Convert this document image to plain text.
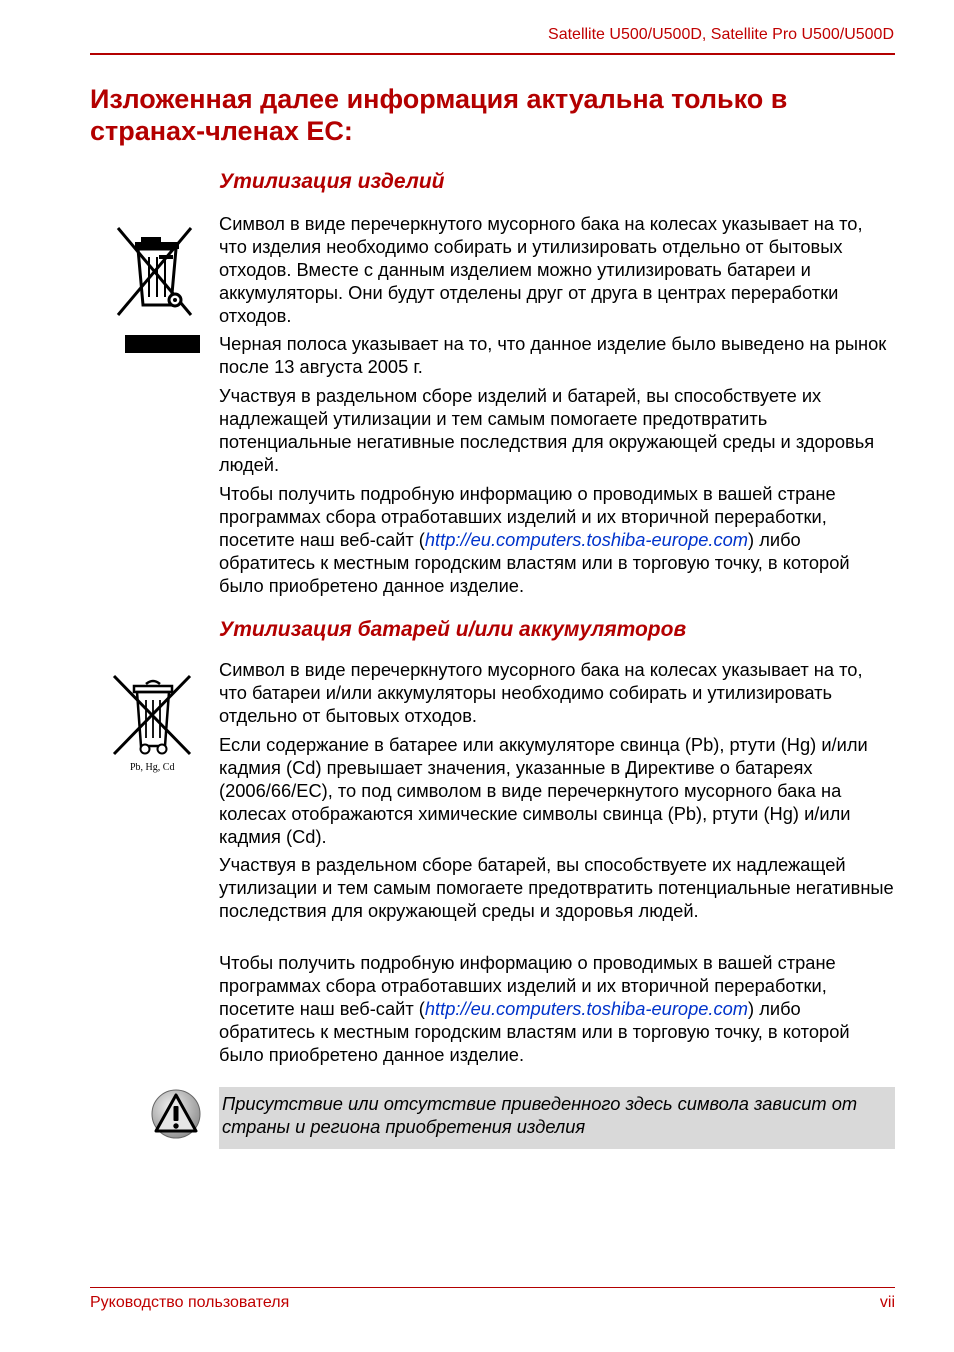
Satellite U500/U500D, Satellite Pro U500/U500D
Изложенная далее информация актуальна только в странах-членах ЕС:
Утилизация изделий

Символ в виде перечеркнутого мусорного бака на колесах указывает на то, что изделия необходимо собирать и утилизировать отдельно от бытовых отходов. Вместе с данным изделием можно утилизировать батареи и аккумуляторы. Они будут отделены друг от друга в центрах переработки отходов.

Черная полоса указывает на то, что данное изделие было выведено на рынок после 13 августа 2005 г.

Участвуя в раздельном сборе изделий и батарей, вы способствуете их надлежащей утилизации и тем самым помогаете предотвратить потенциальные негативные последствия для окружающей среды и здоровья людей.

Чтобы получить подробную информацию о проводимых в вашей стране программах сбора отработавших изделий и их вторичной переработки, посетите наш веб-сайт (http://eu.computers.toshiba-europe.com) либо обратитесь к местным городским властям или в торговую точку, в которой было приобретено данное изделие.

Утилизация батарей и/или аккумуляторов
Pb, Hg, Cd

Символ в виде перечеркнутого мусорного бака на колесах указывает на то, что батареи и/или аккумуляторы необходимо собирать и утилизировать отдельно от бытовых отходов.

Если содержание в батарее или аккумуляторе свинца (Pb), ртути (Hg) и/или кадмия (Cd) превышает значения, указанные в Директиве о батареях (2006/66/EC), то под символом в виде перечеркнутого мусорного бака на колесах отображаются химические символы свинца (Pb), ртути (Hg) и/или кадмия (Cd).

Участвуя в раздельном сборе батарей, вы способствуете их надлежащей утилизации и тем самым помогаете предотвратить потенциальные негативные последствия для окружающей среды и здоровья людей.

Чтобы получить подробную информацию о проводимых в вашей стране программах сбора отработавших изделий и их вторичной переработки, посетите наш веб-сайт (http://eu.computers.toshiba-europe.com) либо обратитесь к местным городским властям или в торговую точку, в которой было приобретено данное изделие.

Присутствие или отсутствие приведенного здесь символа зависит от страны и региона приобретения изделия

Руководство пользователя	vii
